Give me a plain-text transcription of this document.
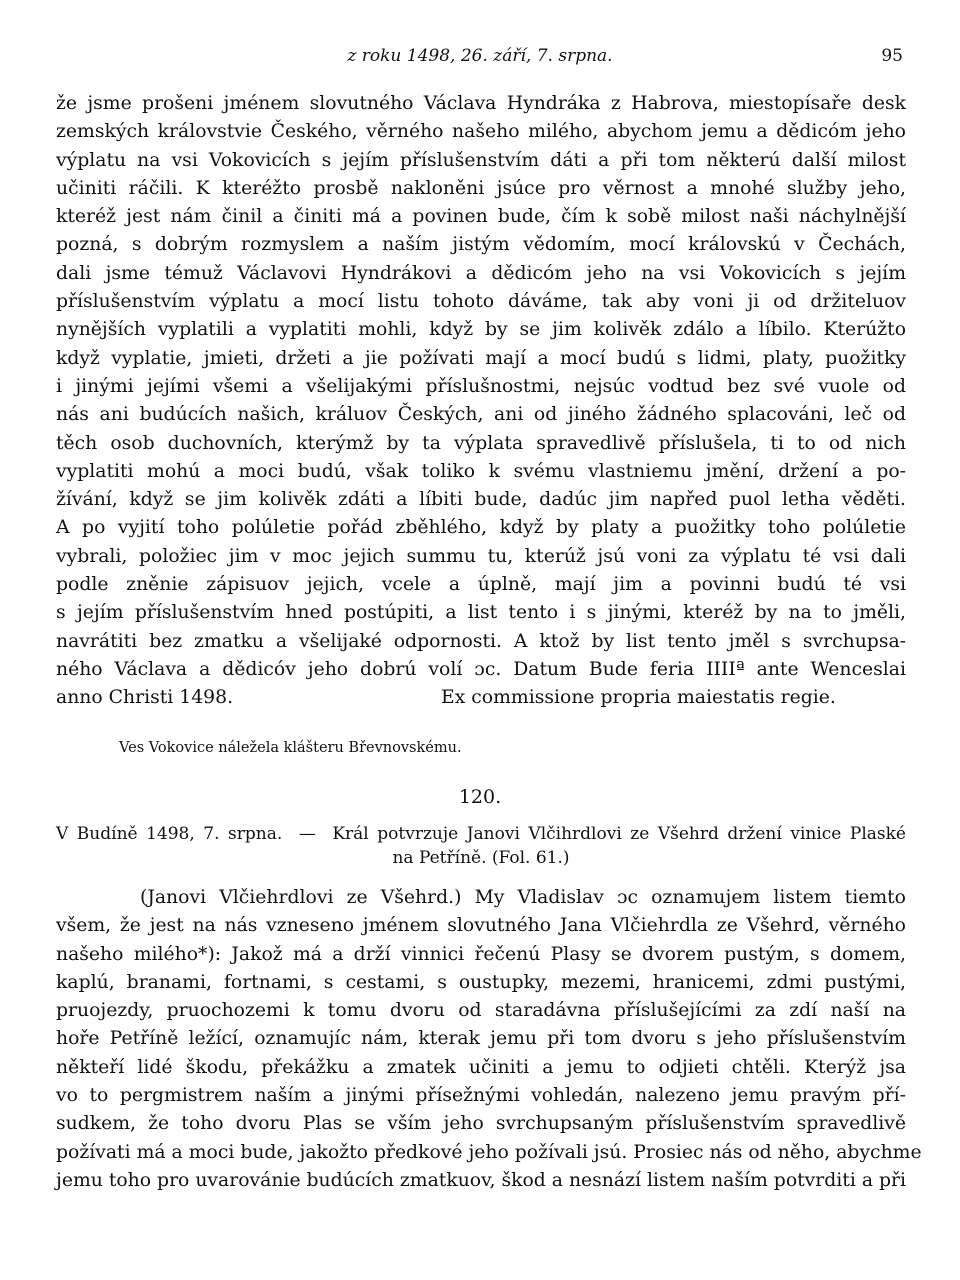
z roku 1498, 26. září, 7. srpna.	95
že jsme prošeni jménem slovutného Václava Hyndráka z Habrova, miestopísaře desk
zemských královstvie Českého, věrného našeho milého, abychom jemu a dědicóm jeho
výplatu na vsi Vokovicích s jejím příslušenstvím dáti a při tom některú další milost
učiniti ráčili. K kteréžto prosbě nakloněni jsúce pro věrnost a mnohé služby jeho,
kteréž jest nám činil a činiti má a povinen bude, čím k sobě milost naši náchylnější
pozná, s dobrým rozmyslem a naším jistým vědomím, mocí královskú v Čechách,
dali jsme témuž Václavovi Hyndrákovi a dědicóm jeho na vsi Vokovicích s jejím
příslušenstvím výplatu a mocí listu tohoto dáváme, tak aby voni ji od držiteluov
nynějších vyplatili a vyplatiti mohli, když by se jim kolivěk zdálo a líbilo. Kterúžto
když vyplatie, jmieti, držeti a jie požívati mají a mocí budú s lidmi, platy, puožitky
i jinými jejími všemi a všelijakými příslušnostmi, nejsúc vodtud bez své vuole od
nás ani budúcích našich, králuov Českých, ani od jiného žádného splacováni, leč od
těch osob duchovních, kterýmž by ta výplata spravedlivě příslušela, ti to od nich
vyplatiti mohú a moci budú, však toliko k svému vlastniemu jmění, držení a po-
žívání, když se jim kolivěk zdáti a líbiti bude, dadúc jim napřed puol letha věděti.
A po vyjití toho polúletie pořád zběhlého, když by platy a puožitky toho polúletie
vybrali, položiec jim v moc jejich summu tu, kterúž jsú voni za výplatu té vsi dali
podle zněnie zápisuov jejich, vcele a úplně, mají jim a povinni budú té vsi
s jejím příslušenstvím hned postúpiti, a list tento i s jinými, kteréž by na to jměli,
navrátiti bez zmatku a všelijaké odpornosti. A ktož by list tento jměl s svrchupsa-
ného Václava a dědicóv jeho dobrú volí ɔc. Datum Bude feria IIIIª ante Wenceslai
anno Christi 1498.	Ex commissione propria maiestatis regie.
Ves Vokovice náležela klášteru Břevnovskému.
120.
V Budíně 1498, 7. srpna. — Král potvrzuje Janovi Vlčihrdlovi ze Všehrd držení vinice Plaské
na Petříně. (Fol. 61.)
(Janovi Vlčiehrdlovi ze Všehrd.) My Vladislav ɔc oznamujem listem tiemto
všem, že jest na nás vzneseno jménem slovutného Jana Vlčiehrdla ze Všehrd, věrného
našeho milého*): Jakož má a drží vinnici řečenú Plasy se dvorem pustým, s domem,
kaplú, branami, fortnami, s cestami, s oustupky, mezemi, hranicemi, zdmi pustými,
pruojezdy, pruochozemi k tomu dvoru od staradávna příslušejícími za zdí naší na
hoře Petříně ležící, oznamujíc nám, kterak jemu při tom dvoru s jeho příslušenstvím
někteří lidé škodu, překážku a zmatek učiniti a jemu to odjieti chtěli. Kterýž jsa
vo to pergmistrem naším a jinými přísežnými vohledán, nalezeno jemu pravým pří-
sudkem, že toho dvoru Plas se vším jeho svrchupsaným příslušenstvím spravedlivě
požívati má a moci bude, jakožto předkové jeho požívali jsú. Prosiec nás od něho, abychme
jemu toho pro uvarovánie budúcích zmatkuov, škod a nesnází listem naším potvrditi a při
